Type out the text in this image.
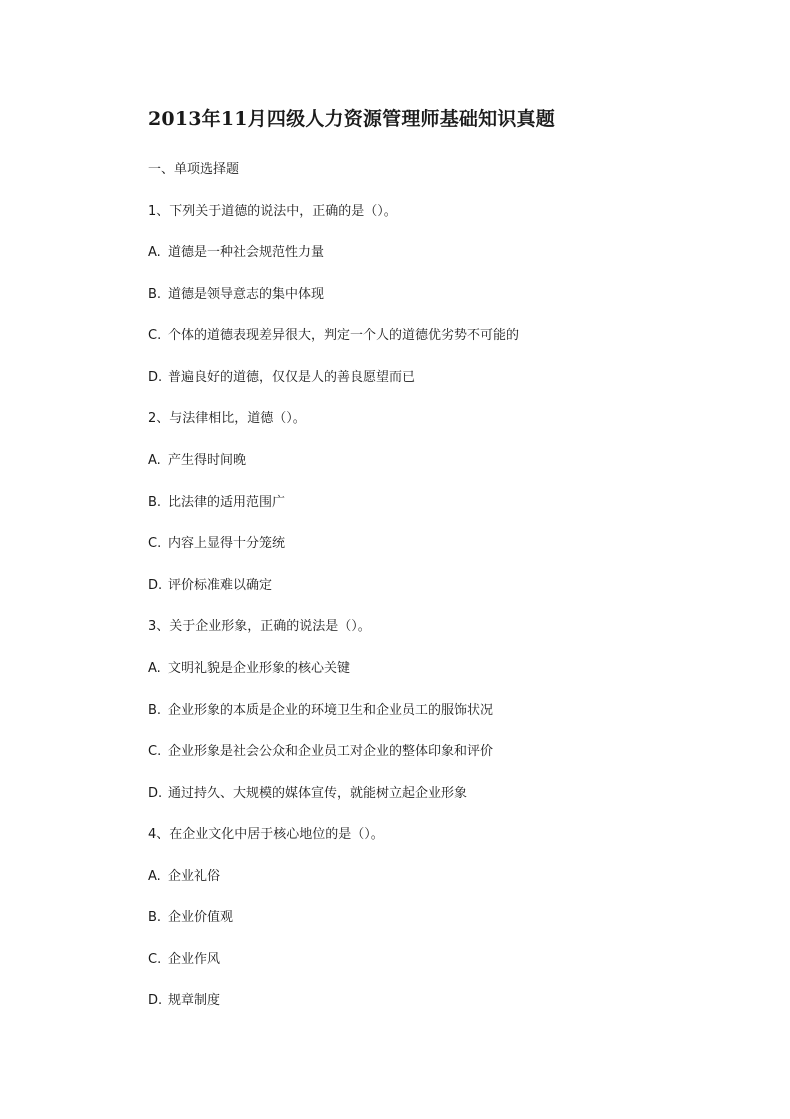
2013年11月四级人力资源管理师基础知识真题
一、单项选择题
1、下列关于道德的说法中，正确的是（）。
A. 道德是一种社会规范性力量
B. 道德是领导意志的集中体现
C. 个体的道德表现差异很大，判定一个人的道德优劣势不可能的
D. 普遍良好的道德，仅仅是人的善良愿望而已
2、与法律相比，道德（）。
A. 产生得时间晚
B. 比法律的适用范围广
C. 内容上显得十分笼统
D. 评价标准难以确定
3、关于企业形象，正确的说法是（）。
A. 文明礼貌是企业形象的核心关键
B. 企业形象的本质是企业的环境卫生和企业员工的服饰状况
C. 企业形象是社会公众和企业员工对企业的整体印象和评价
D. 通过持久、大规模的媒体宣传，就能树立起企业形象
4、在企业文化中居于核心地位的是（）。
A. 企业礼俗
B. 企业价值观
C. 企业作风
D. 规章制度
